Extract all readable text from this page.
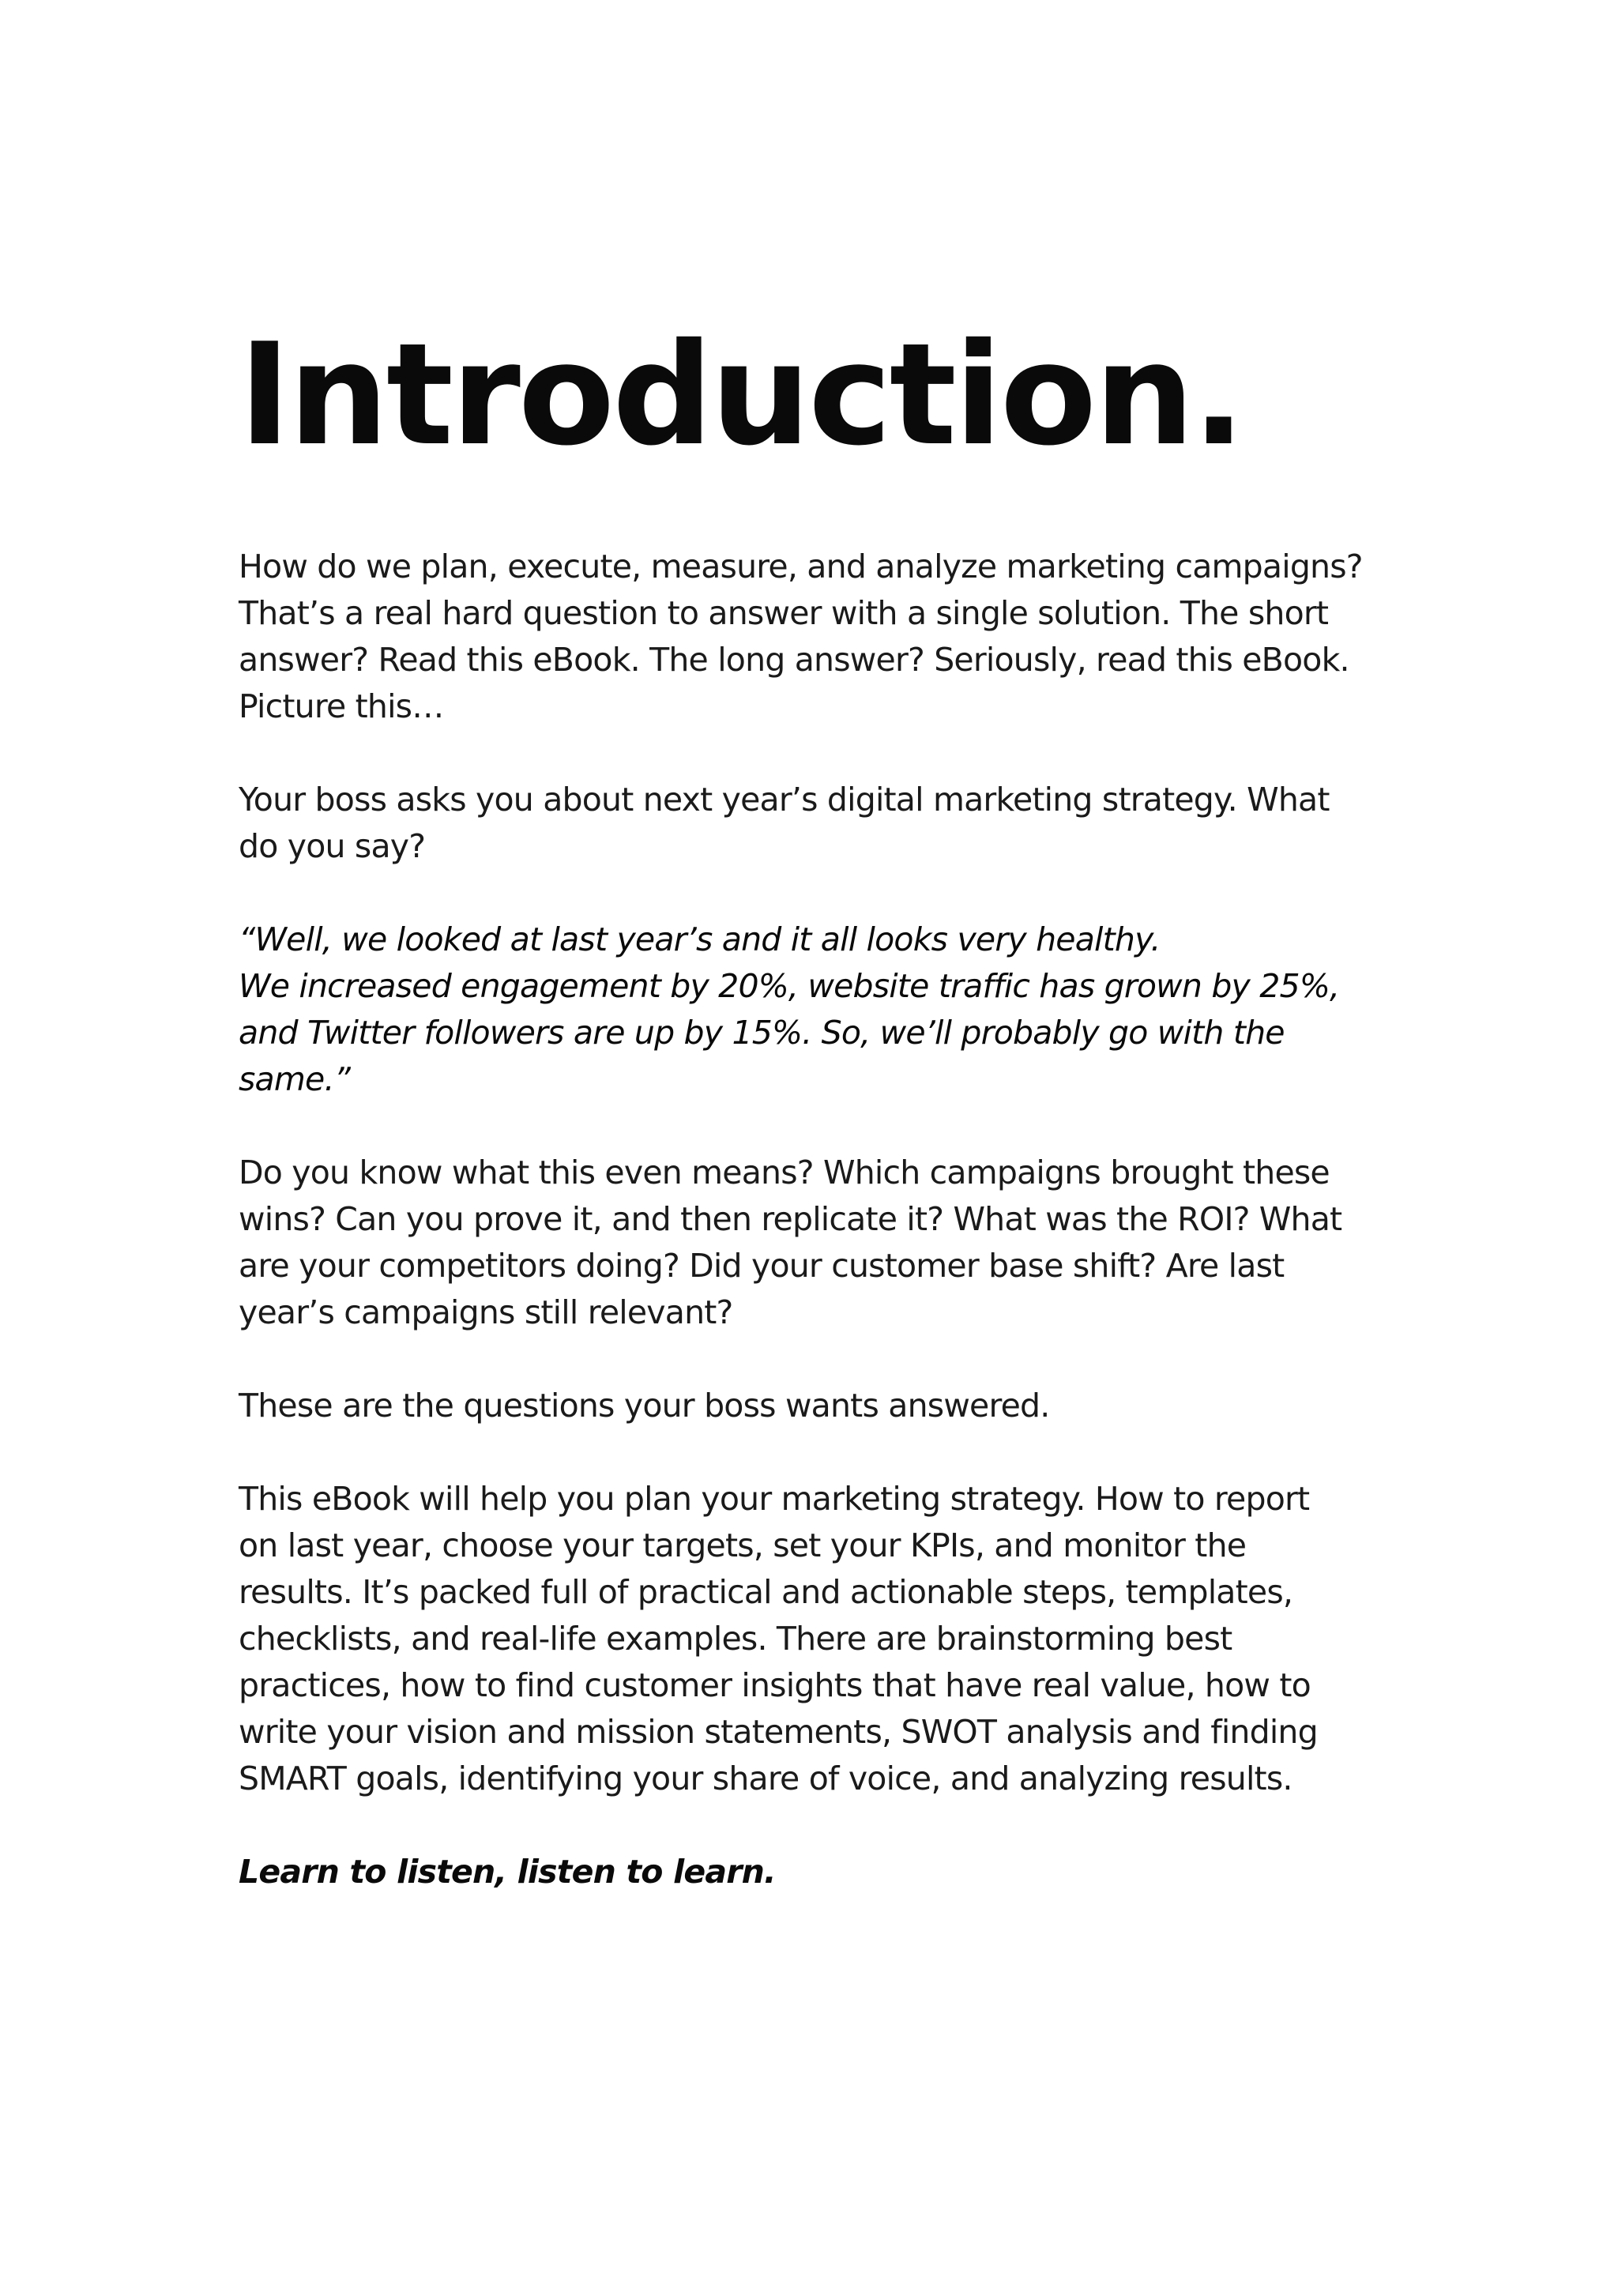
Introduction.

How do we plan, execute, measure, and analyze marketing campaigns?
That’s a real hard question to answer with a single solution. The short
answer? Read this eBook. The long answer? Seriously, read this eBook.
Picture this…

Your boss asks you about next year’s digital marketing strategy. What
do you say?

“Well, we looked at last year’s and it all looks very healthy.
We increased engagement by 20%, website traffic has grown by 25%,
and Twitter followers are up by 15%. So, we’ll probably go with the
same.”

Do you know what this even means? Which campaigns brought these
wins? Can you prove it, and then replicate it? What was the ROI? What
are your competitors doing? Did your customer base shift? Are last
year’s campaigns still relevant?

These are the questions your boss wants answered.

This eBook will help you plan your marketing strategy. How to report
on last year, choose your targets, set your KPIs, and monitor the
results. It’s packed full of practical and actionable steps, templates,
checklists, and real-life examples. There are brainstorming best
practices, how to find customer insights that have real value, how to
write your vision and mission statements, SWOT analysis and finding
SMART goals, identifying your share of voice, and analyzing results.

Learn to listen, listen to learn.
